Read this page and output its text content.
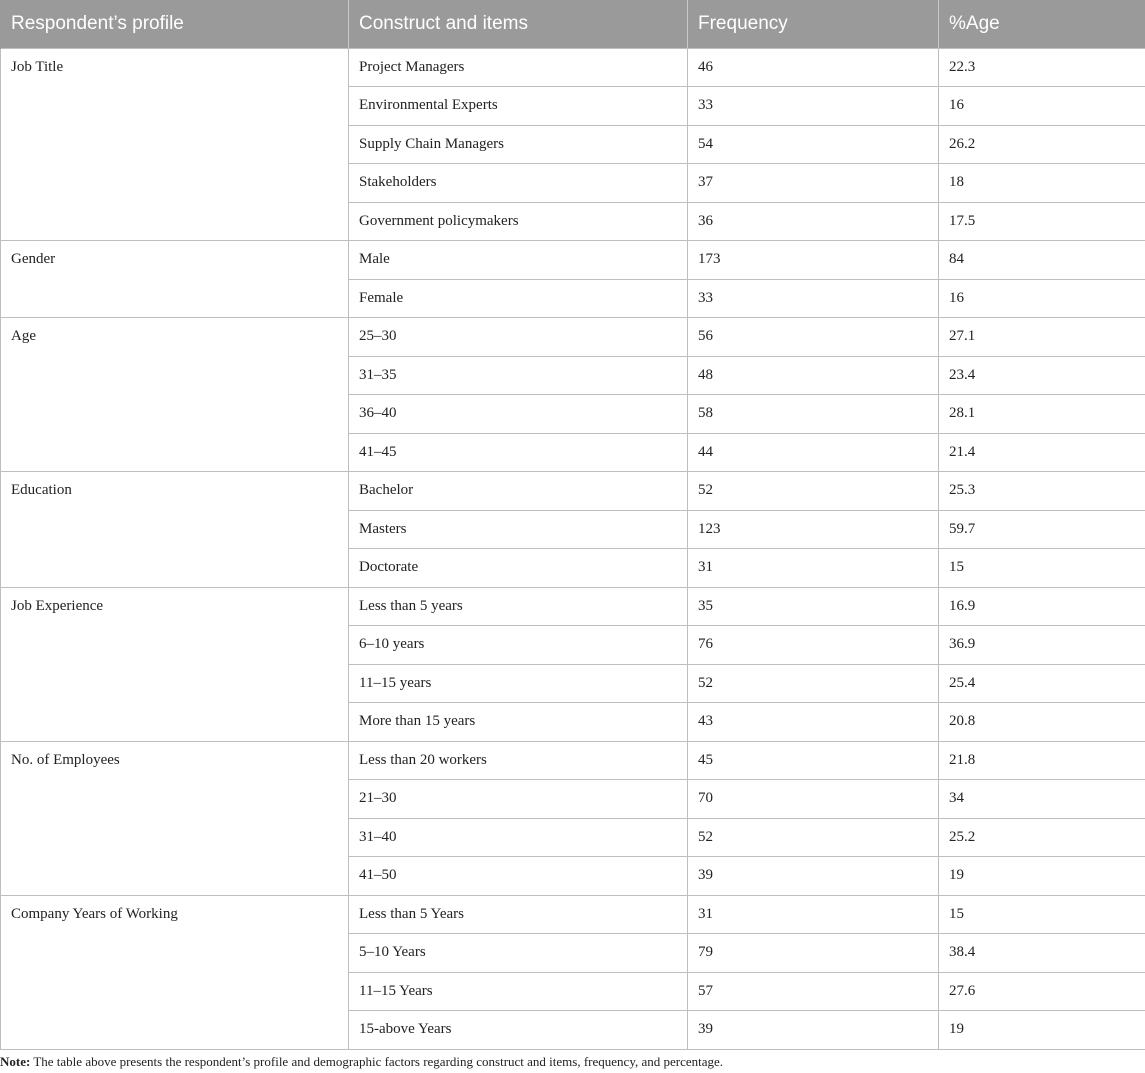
Respondent’s profile	Construct and items	Frequency	%Age
Job Title	Project Managers	46	22.3
	Environmental Experts	33	16
	Supply Chain Managers	54	26.2
	Stakeholders	37	18
	Government policymakers	36	17.5
Gender	Male	173	84
	Female	33	16
Age	25–30	56	27.1
	31–35	48	23.4
	36–40	58	28.1
	41–45	44	21.4
Education	Bachelor	52	25.3
	Masters	123	59.7
	Doctorate	31	15
Job Experience	Less than 5 years	35	16.9
	6–10 years	76	36.9
	11–15 years	52	25.4
	More than 15 years	43	20.8
No. of Employees	Less than 20 workers	45	21.8
	21–30	70	34
	31–40	52	25.2
	41–50	39	19
Company Years of Working	Less than 5 Years	31	15
	5–10 Years	79	38.4
	11–15 Years	57	27.6
	15-above Years	39	19
Note: The table above presents the respondent’s profile and demographic factors regarding construct and items, frequency, and percentage.
